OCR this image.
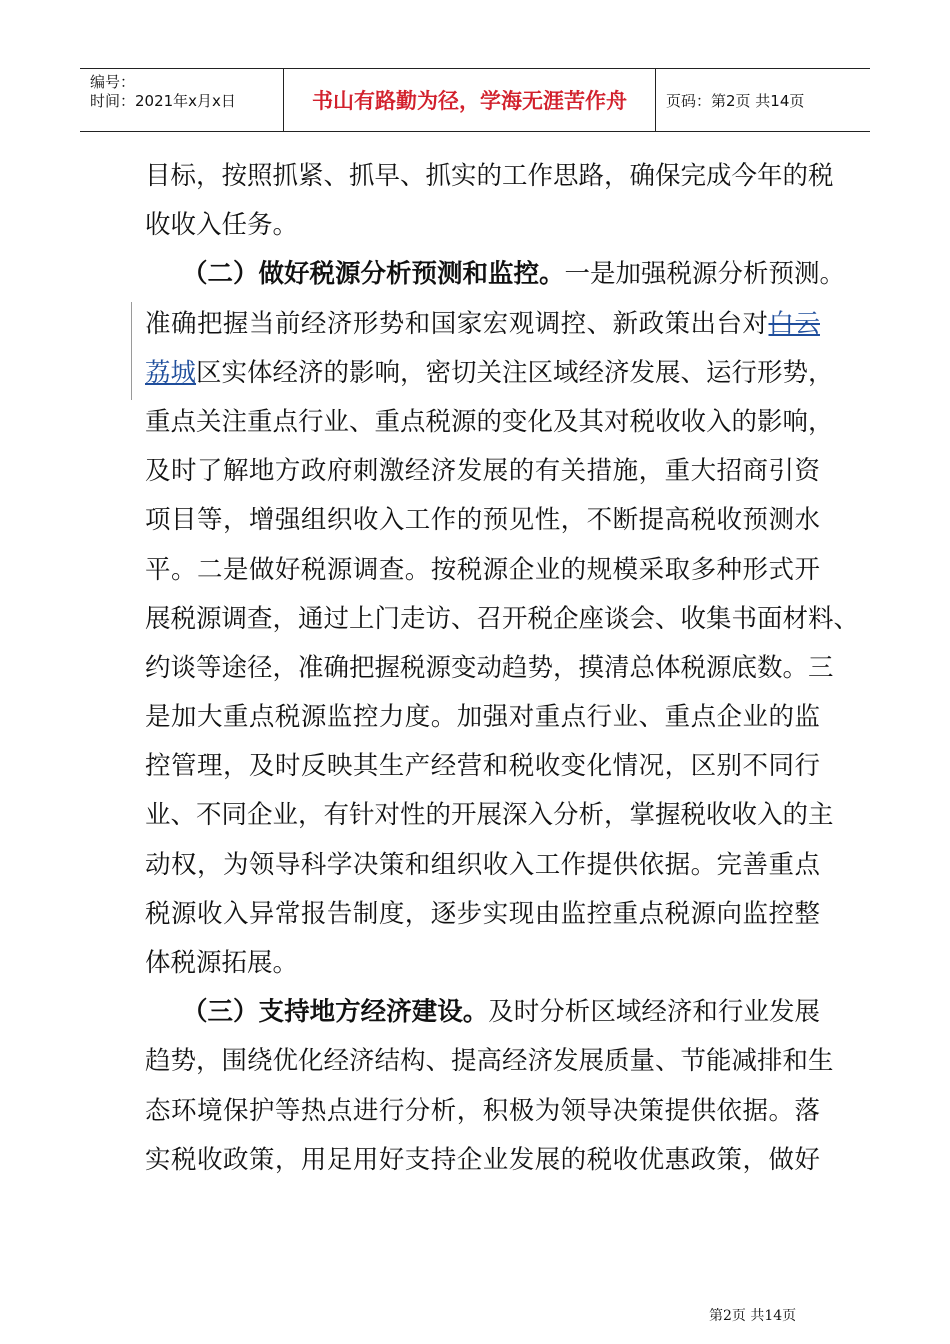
编号：
时间：2021年x月x日	书山有路勤为径，学海无涯苦作舟	页码：第2页 共14页
目标，按照抓紧、抓早、抓实的工作思路，确保完成今年的税
收收入任务。
（二）做好税源分析预测和监控。一是加强税源分析预测。
准确把握当前经济形势和国家宏观调控、新政策出台对白云
荔城区实体经济的影响，密切关注区域经济发展、运行形势，
重点关注重点行业、重点税源的变化及其对税收收入的影响，
及时了解地方政府刺激经济发展的有关措施，重大招商引资
项目等，增强组织收入工作的预见性，不断提高税收预测水
平。二是做好税源调查。按税源企业的规模采取多种形式开
展税源调查，通过上门走访、召开税企座谈会、收集书面材料、
约谈等途径，准确把握税源变动趋势，摸清总体税源底数。三
是加大重点税源监控力度。加强对重点行业、重点企业的监
控管理，及时反映其生产经营和税收变化情况，区别不同行
业、不同企业，有针对性的开展深入分析，掌握税收收入的主
动权，为领导科学决策和组织收入工作提供依据。完善重点
税源收入异常报告制度，逐步实现由监控重点税源向监控整
体税源拓展。
（三）支持地方经济建设。及时分析区域经济和行业发展
趋势，围绕优化经济结构、提高经济发展质量、节能减排和生
态环境保护等热点进行分析，积极为领导决策提供依据。落
实税收政策，用足用好支持企业发展的税收优惠政策，做好
第2页 共14页
